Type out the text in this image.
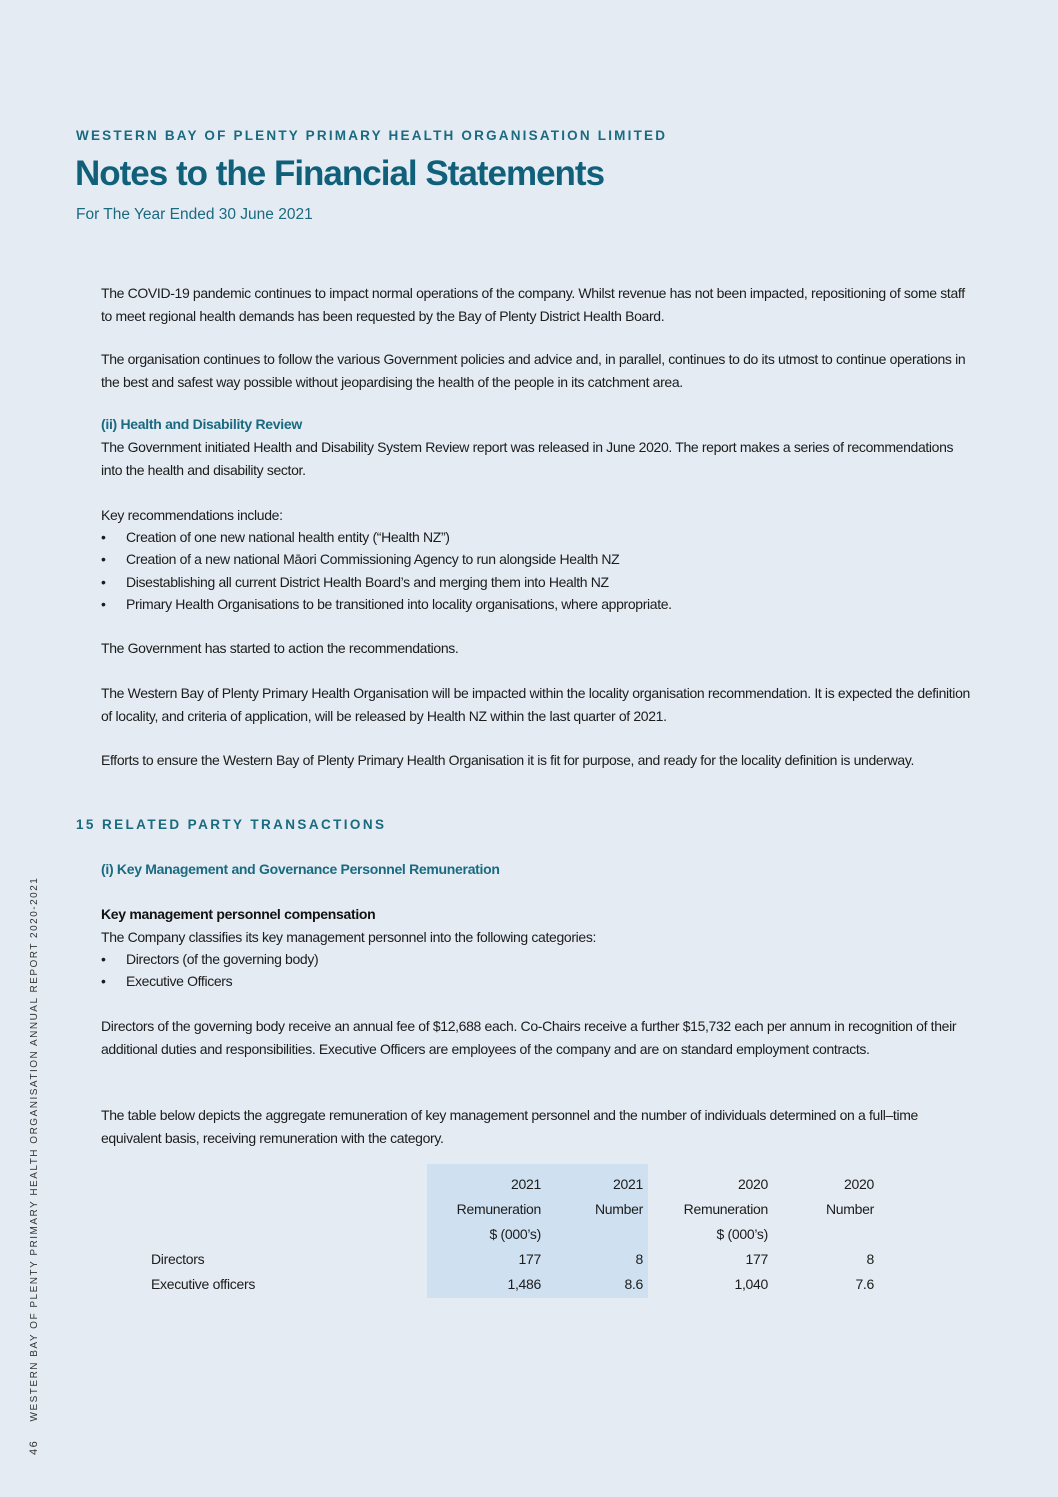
WESTERN BAY OF PLENTY PRIMARY HEALTH ORGANISATION LIMITED
Notes to the Financial Statements
For The Year Ended 30 June 2021

The COVID-19 pandemic continues to impact normal operations of the company. Whilst revenue has not been impacted, repositioning of some staff to meet regional health demands has been requested by the Bay of Plenty District Health Board.

The organisation continues to follow the various Government policies and advice and, in parallel, continues to do its utmost to continue operations in the best and safest way possible without jeopardising the health of the people in its catchment area.

(ii) Health and Disability Review

The Government initiated Health and Disability System Review report was released in June 2020. The report makes a series of recommendations into the health and disability sector.

Key recommendations include:

• Creation of one new national health entity (“Health NZ”)
• Creation of a new national Māori Commissioning Agency to run alongside Health NZ
• Disestablishing all current District Health Board’s and merging them into Health NZ
• Primary Health Organisations to be transitioned into locality organisations, where appropriate.

The Government has started to action the recommendations.

The Western Bay of Plenty Primary Health Organisation will be impacted within the locality organisation recommendation. It is expected the definition of locality, and criteria of application, will be released by Health NZ within the last quarter of 2021.

Efforts to ensure the Western Bay of Plenty Primary Health Organisation it is fit for purpose, and ready for the locality definition is underway.

15 RELATED PARTY TRANSACTIONS
(i) Key Management and Governance Personnel Remuneration
Key management personnel compensation

The Company classifies its key management personnel into the following categories:

• Directors (of the governing body)
• Executive Officers

Directors of the governing body receive an annual fee of $12,688 each. Co-Chairs receive a further $15,732 each per annum in recognition of their additional duties and responsibilities. Executive Officers are employees of the company and are on standard employment contracts.

The table below depicts the aggregate remuneration of key management personnel and the number of individuals determined on a full–time equivalent basis, receiving remuneration with the category.

	2021	2021	2020	2020
	Remuneration	Number	Remuneration	Number
	$ (000’s)		$ (000’s)	
Directors	177	8	177	8
Executive officers	1,486	8.6	1,040	7.6
46 WESTERN BAY OF PLENTY PRIMARY HEALTH ORGANISATION ANNUAL REPORT 2020-2021
